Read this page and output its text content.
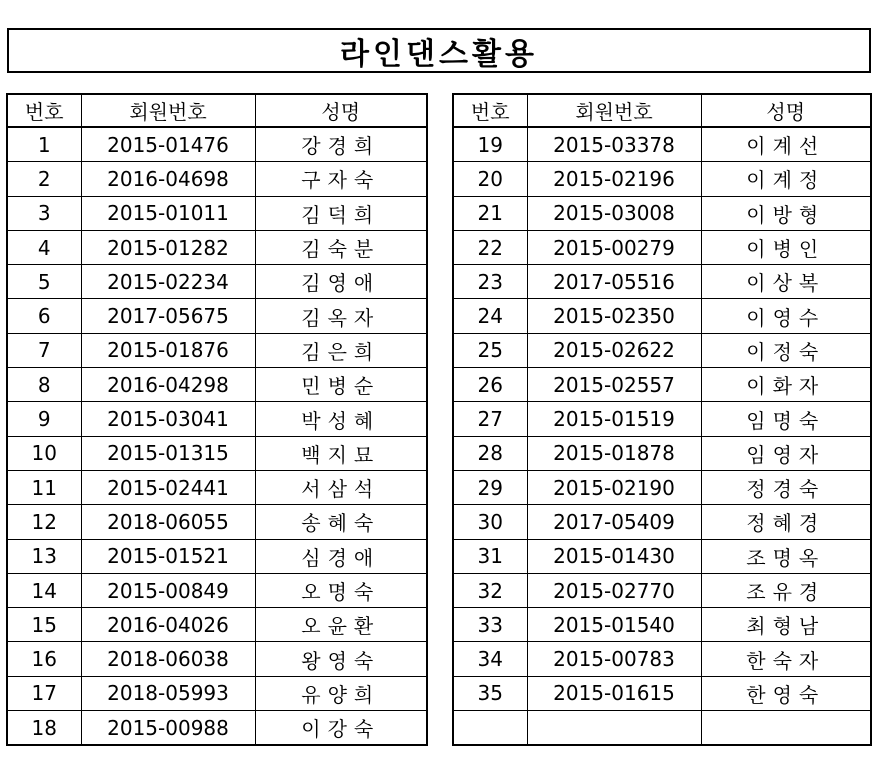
라인댄스활용
번호	회원번호	성명
1	2015-01476	강경희
2	2016-04698	구자숙
3	2015-01011	김덕희
4	2015-01282	김숙분
5	2015-02234	김영애
6	2017-05675	김옥자
7	2015-01876	김은희
8	2016-04298	민병순
9	2015-03041	박성혜
10	2015-01315	백지묘
11	2015-02441	서삼석
12	2018-06055	송혜숙
13	2015-01521	심경애
14	2015-00849	오명숙
15	2016-04026	오윤환
16	2018-06038	왕영숙
17	2018-05993	유양희
18	2015-00988	이강숙
번호	회원번호	성명
19	2015-03378	이계선
20	2015-02196	이계정
21	2015-03008	이방형
22	2015-00279	이병인
23	2017-05516	이상복
24	2015-02350	이영수
25	2015-02622	이정숙
26	2015-02557	이화자
27	2015-01519	임명숙
28	2015-01878	임영자
29	2015-02190	정경숙
30	2017-05409	정혜경
31	2015-01430	조명옥
32	2015-02770	조유경
33	2015-01540	최형남
34	2015-00783	한숙자
35	2015-01615	한영숙
